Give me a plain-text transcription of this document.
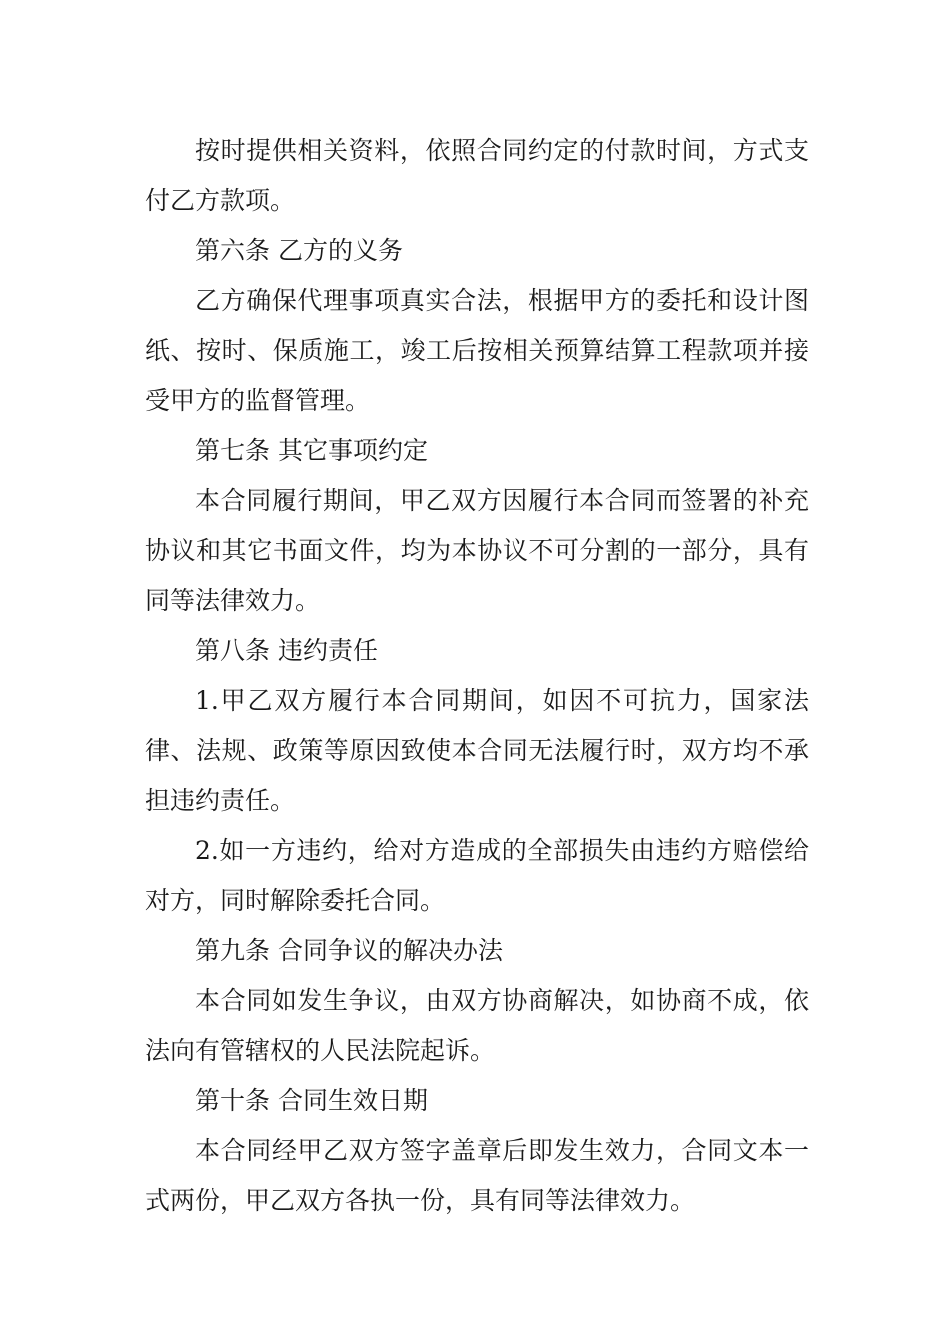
按时提供相关资料，依照合同约定的付款时间，方式支付乙方款项。

第六条 乙方的义务

乙方确保代理事项真实合法，根据甲方的委托和设计图纸、按时、保质施工，竣工后按相关预算结算工程款项并接受甲方的监督管理。

第七条 其它事项约定

本合同履行期间，甲乙双方因履行本合同而签署的补充协议和其它书面文件，均为本协议不可分割的一部分，具有同等法律效力。

第八条 违约责任

1.甲乙双方履行本合同期间，如因不可抗力，国家法律、法规、政策等原因致使本合同无法履行时，双方均不承担违约责任。

2.如一方违约，给对方造成的全部损失由违约方赔偿给对方，同时解除委托合同。

第九条 合同争议的解决办法

本合同如发生争议，由双方协商解决，如协商不成，依法向有管辖权的人民法院起诉。

第十条 合同生效日期

本合同经甲乙双方签字盖章后即发生效力，合同文本一式两份，甲乙双方各执一份，具有同等法律效力。
